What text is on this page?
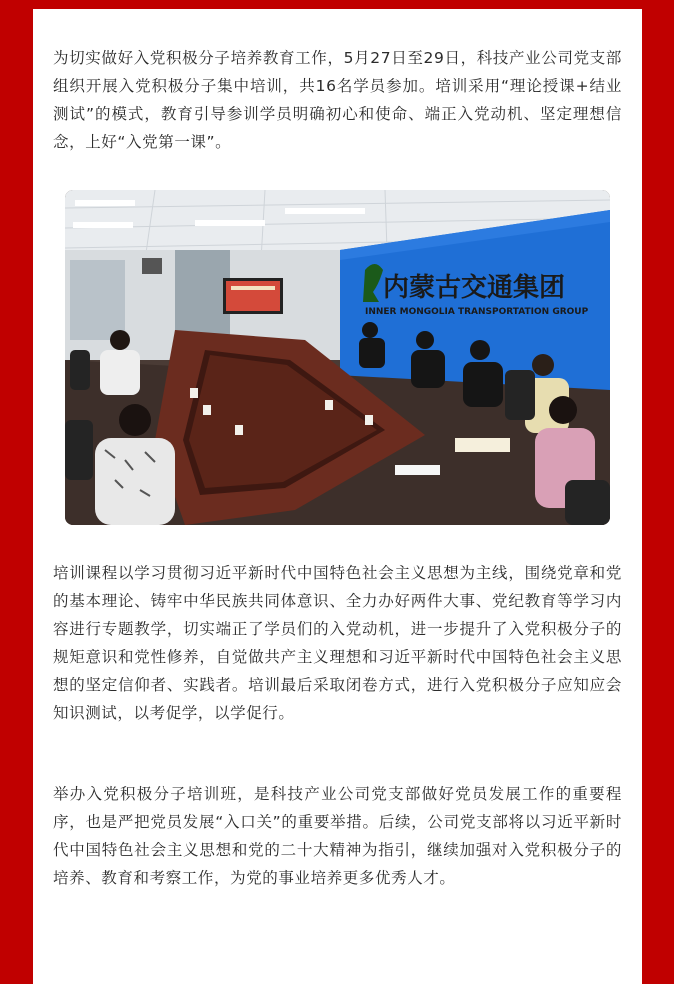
为切实做好入党积极分子培养教育工作，5月27日至29日，科技产业公司党支部组织开展入党积极分子集中培训，共16名学员参加。培训采用“理论授课+结业测试”的模式，教育引导参训学员明确初心和使命、端正入党动机、坚定理想信念，上好“入党第一课”。

内蒙古交通集团
INNER MONGOLIA TRANSPORTATION GROUP

培训课程以学习贯彻习近平新时代中国特色社会主义思想为主线，围绕党章和党的基本理论、铸牢中华民族共同体意识、全力办好两件大事、党纪教育等学习内容进行专题教学，切实端正了学员们的入党动机，进一步提升了入党积极分子的规矩意识和党性修养，自觉做共产主义理想和习近平新时代中国特色社会主义思想的坚定信仰者、实践者。培训最后采取闭卷方式，进行入党积极分子应知应会知识测试，以考促学，以学促行。

举办入党积极分子培训班，是科技产业公司党支部做好党员发展工作的重要程序，也是严把党员发展“入口关”的重要举措。后续，公司党支部将以习近平新时代中国特色社会主义思想和党的二十大精神为指引，继续加强对入党积极分子的培养、教育和考察工作，为党的事业培养更多优秀人才。
